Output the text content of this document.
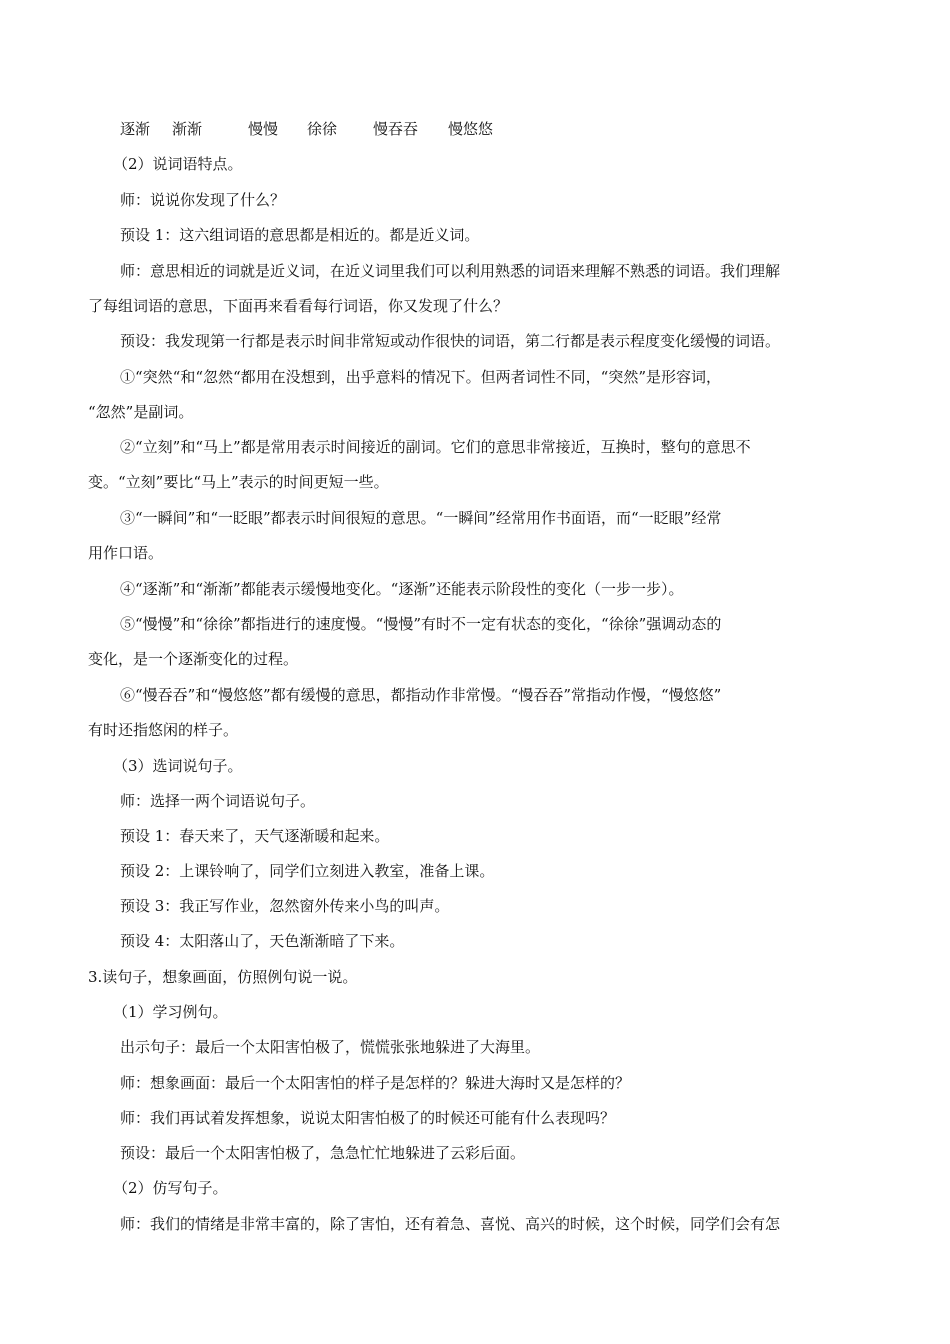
逐渐 渐渐	慢慢 徐徐 慢吞吞 慢悠悠
（2）说词语特点。
师：说说你发现了什么？
预设 1：这六组词语的意思都是相近的。都是近义词。
师：意思相近的词就是近义词，在近义词里我们可以利用熟悉的词语来理解不熟悉的词语。我们理解
了每组词语的意思，下面再来看看每行词语，你又发现了什么？
预设：我发现第一行都是表示时间非常短或动作很快的词语，第二行都是表示程度变化缓慢的词语。
①“突然“和“忽然“都用在没想到，出乎意料的情况下。但两者词性不同，“突然”是形容词，
“忽然”是副词。
②“立刻”和“马上”都是常用表示时间接近的副词。它们的意思非常接近，互换时，整句的意思不
变。“立刻”要比“马上”表示的时间更短一些。
③“一瞬间”和“一眨眼”都表示时间很短的意思。“一瞬间”经常用作书面语，而“一眨眼”经常
用作口语。
④“逐渐”和“渐渐”都能表示缓慢地变化。“逐渐”还能表示阶段性的变化（一步一步）。
⑤“慢慢”和“徐徐”都指进行的速度慢。“慢慢”有时不一定有状态的变化，“徐徐”强调动态的
变化，是一个逐渐变化的过程。
⑥“慢吞吞”和“慢悠悠”都有缓慢的意思，都指动作非常慢。“慢吞吞”常指动作慢，“慢悠悠”
有时还指悠闲的样子。
（3）选词说句子。
师：选择一两个词语说句子。
预设 1：春天来了，天气逐渐暖和起来。
预设 2：上课铃响了，同学们立刻进入教室，准备上课。
预设 3：我正写作业，忽然窗外传来小鸟的叫声。
预设 4：太阳落山了，天色渐渐暗了下来。
3.读句子，想象画面，仿照例句说一说。
（1）学习例句。
出示句子：最后一个太阳害怕极了，慌慌张张地躲进了大海里。
师：想象画面：最后一个太阳害怕的样子是怎样的？躲进大海时又是怎样的？
师：我们再试着发挥想象，说说太阳害怕极了的时候还可能有什么表现吗？
预设：最后一个太阳害怕极了，急急忙忙地躲进了云彩后面。
（2）仿写句子。
师：我们的情绪是非常丰富的，除了害怕，还有着急、喜悦、高兴的时候，这个时候，同学们会有怎
